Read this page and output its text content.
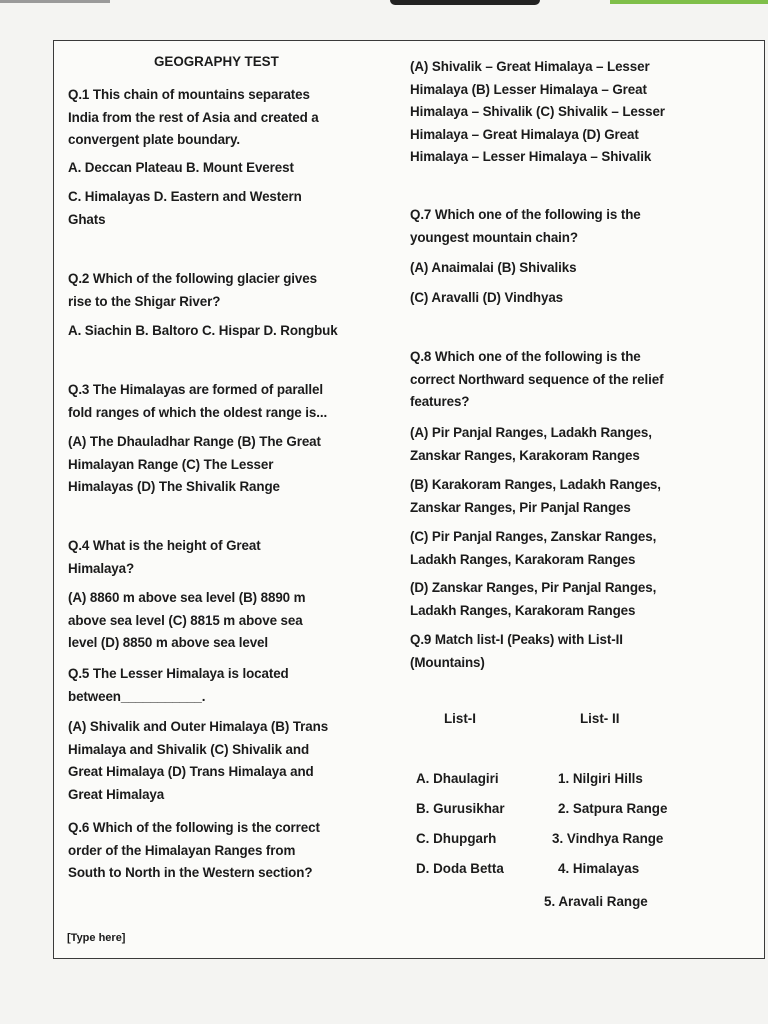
GEOGRAPHY TEST

Q.1 This chain of mountains separates
India from the rest of Asia and created a
convergent plate boundary.

A. Deccan Plateau B. Mount Everest

C. Himalayas D. Eastern and Western
Ghats

Q.2 Which of the following glacier gives
rise to the Shigar River?

A. Siachin B. Baltoro C. Hispar D. Rongbuk

Q.3 The Himalayas are formed of parallel
fold ranges of which the oldest range is...

(A) The Dhauladhar Range (B) The Great
Himalayan Range (C) The Lesser
Himalayas (D) The Shivalik Range

Q.4 What is the height of Great
Himalaya?

(A) 8860 m above sea level (B) 8890 m
above sea level (C) 8815 m above sea
level (D) 8850 m above sea level

Q.5 The Lesser Himalaya is located
between___________.

(A) Shivalik and Outer Himalaya (B) Trans
Himalaya and Shivalik (C) Shivalik and
Great Himalaya (D) Trans Himalaya and
Great Himalaya

Q.6 Which of the following is the correct
order of the Himalayan Ranges from
South to North in the Western section?

(A) Shivalik – Great Himalaya – Lesser
Himalaya (B) Lesser Himalaya – Great
Himalaya – Shivalik (C) Shivalik – Lesser
Himalaya – Great Himalaya (D) Great
Himalaya – Lesser Himalaya – Shivalik

Q.7 Which one of the following is the
youngest mountain chain?

(A) Anaimalai (B) Shivaliks

(C) Aravalli (D) Vindhyas

Q.8 Which one of the following is the
correct Northward sequence of the relief
features?

(A) Pir Panjal Ranges, Ladakh Ranges,
Zanskar Ranges, Karakoram Ranges

(B) Karakoram Ranges, Ladakh Ranges,
Zanskar Ranges, Pir Panjal Ranges

(C) Pir Panjal Ranges, Zanskar Ranges,
Ladakh Ranges, Karakoram Ranges

(D) Zanskar Ranges, Pir Panjal Ranges,
Ladakh Ranges, Karakoram Ranges

Q.9 Match list-I (Peaks) with List-II
(Mountains)

List-I	List- II
A. Dhaulagiri	1. Nilgiri Hills
B. Gurusikhar	2. Satpura Range
C. Dhupgarh	3. Vindhya Range
D. Doda Betta	4. Himalayas
5. Aravali Range
[Type here]
